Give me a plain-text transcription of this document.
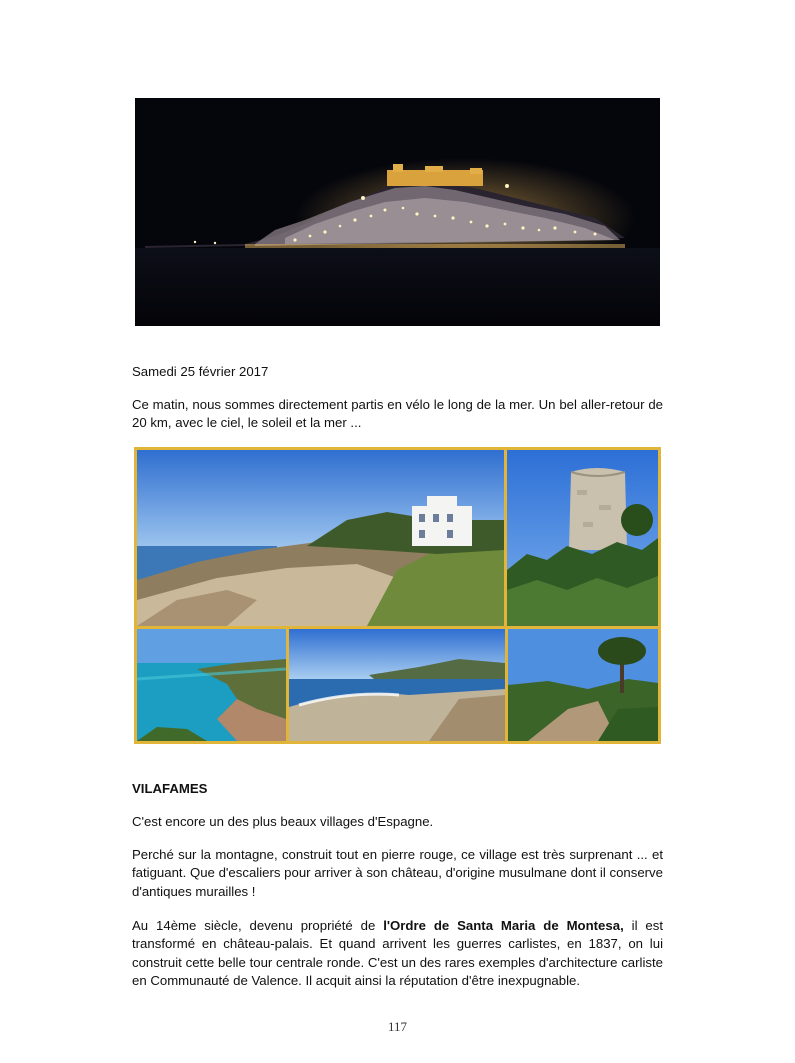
Samedi 25 février 2017

Ce matin, nous sommes directement partis en vélo le long de la mer. Un bel aller-retour de 20 km, avec le ciel, le soleil et la mer ...

VILAFAMES

C'est encore un des plus beaux villages d'Espagne.

Perché sur la montagne, construit tout en pierre rouge, ce village est très surprenant ... et fatiguant. Que d'escaliers pour arriver à son château, d'origine musulmane dont il conserve d'antiques murailles !

Au 14ème siècle, devenu propriété de l'Ordre de Santa Maria de Montesa, il est transformé en château-palais. Et quand arrivent les guerres carlistes, en 1837, on lui construit cette belle tour centrale ronde. C'est un des rares exemples d'architecture carliste en Communauté de Valence. Il acquit ainsi la réputation d'être inexpugnable.

117
